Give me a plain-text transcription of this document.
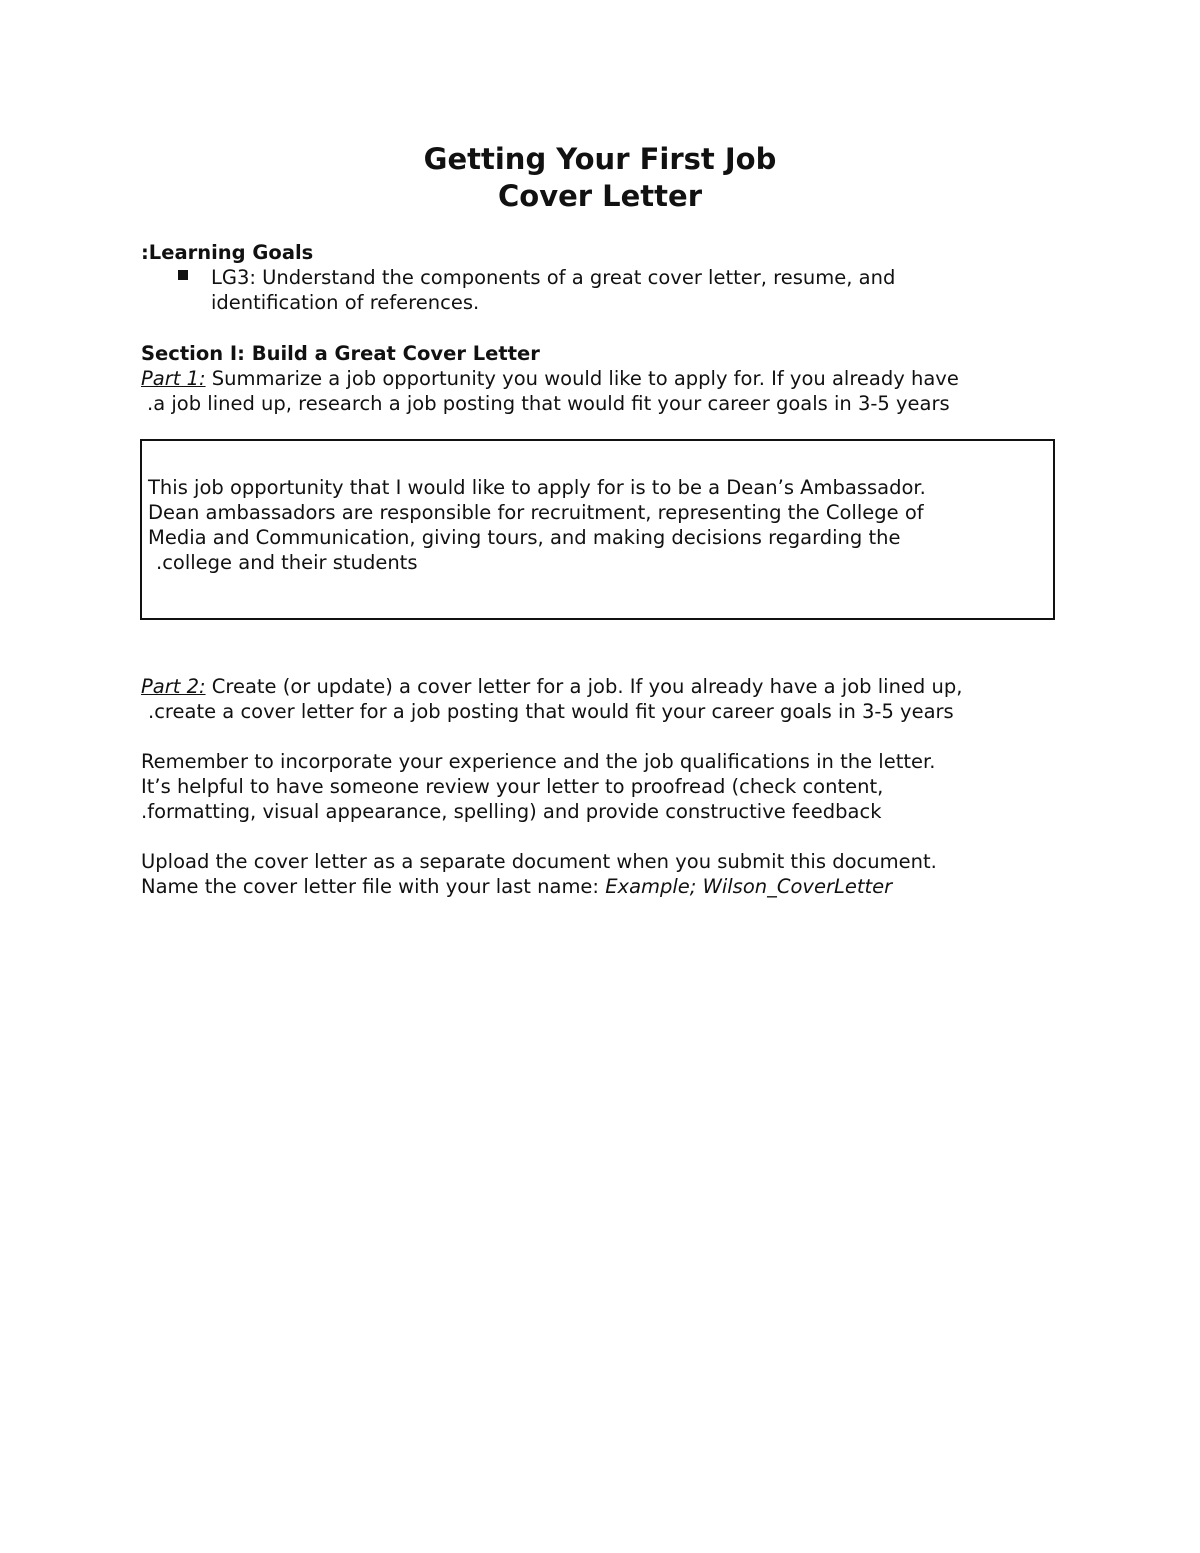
Getting Your First Job
Cover Letter
:Learning Goals
LG3: Understand the components of a great cover letter, resume, and
identification of references.
Section I: Build a Great Cover Letter
Part 1: Summarize a job opportunity you would like to apply for. If you already have
.a job lined up, research a job posting that would fit your career goals in 3-5 years
This job opportunity that I would like to apply for is to be a Dean’s Ambassador.
Dean ambassadors are responsible for recruitment, representing the College of
Media and Communication, giving tours, and making decisions regarding the
.college and their students
Part 2: Create (or update) a cover letter for a job. If you already have a job lined up,
.create a cover letter for a job posting that would fit your career goals in 3-5 years
Remember to incorporate your experience and the job qualifications in the letter.
It’s helpful to have someone review your letter to proofread (check content,
.formatting, visual appearance, spelling) and provide constructive feedback
Upload the cover letter as a separate document when you submit this document.
Name the cover letter file with your last name: Example; Wilson_CoverLetter
